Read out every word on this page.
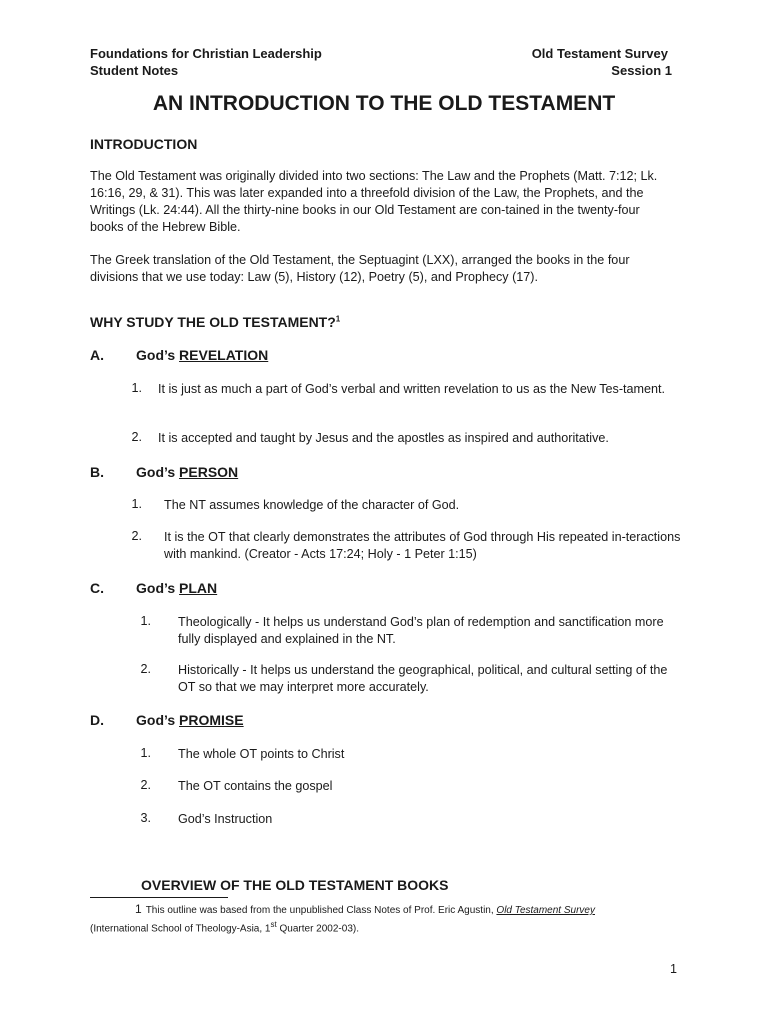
Foundations for Christian Leadership
Student Notes
Old Testament Survey
Session 1
AN INTRODUCTION TO THE OLD TESTAMENT
INTRODUCTION
The Old Testament was originally divided into two sections: The Law and the Prophets (Matt. 7:12; Lk. 16:16, 29, & 31). This was later expanded into a threefold division of the Law, the Prophets, and the Writings (Lk. 24:44). All the thirty-nine books in our Old Testament are con-tained in the twenty-four books of the Hebrew Bible.
The Greek translation of the Old Testament, the Septuagint (LXX), arranged the books in the four divisions that we use today: Law (5), History (12), Poetry (5), and Prophecy (17).
WHY STUDY THE OLD TESTAMENT?$^1$
A. God’s REVELATION
1. It is just as much a part of God’s verbal and written revelation to us as the New Tes-tament.
2. It is accepted and taught by Jesus and the apostles as inspired and authoritative.
B. God’s PERSON
1. The NT assumes knowledge of the character of God.
2. It is the OT that clearly demonstrates the attributes of God through His repeated in-teractions with mankind. (Creator - Acts 17:24; Holy - 1 Peter 1:15)
C. God’s PLAN
1. Theologically - It helps us understand God’s plan of redemption and sanctification more fully displayed and explained in the NT.
2. Historically - It helps us understand the geographical, political, and cultural setting of the OT so that we may interpret more accurately.
D. God’s PROMISE
1. The whole OT points to Christ
2. The OT contains the gospel
3. God’s Instruction
OVERVIEW OF THE OLD TESTAMENT BOOKS
1 This outline was based from the unpublished Class Notes of Prof. Eric Agustin, Old Testament Survey
(International School of Theology-Asia, 1st Quarter 2002-03).
1
